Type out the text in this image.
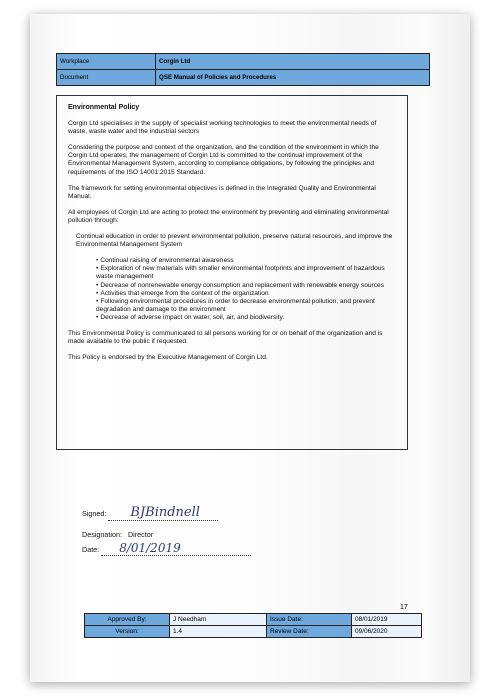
Workplace	Corgin Ltd
Document	QSE Manual of Policies and Procedures
Environmental Policy

Corgin Ltd specialises in the supply of specialist working technologies to meet the environmental needs of waste, waste water and the industrial sectors

Considering the purpose and context of the organization, and the condition of the environment in which the Corgin Ltd operates, the management of Corgin Ltd is committed to the continual improvement of the Environmental Management System, according to compliance obligations, by following the principles and requirements of the ISO 14001:2015 Standard.

The framework for setting environmental objectives is defined in the Integrated Quality and Environmental Manual.

All employees of Corgin Ltd are acting to protect the environment by preventing and eliminating environmental pollution through:

Continual education in order to prevent environmental pollution, preserve natural resources, and improve the Environmental Management System

• Continual raising of environmental awareness
• Exploration of new materials with smaller environmental footprints and improvement of hazardous waste management
• Decrease of nonrenewable energy consumption and replacement with renewable energy sources
• Activities that emerge from the context of the organization
• Following environmental procedures in order to decrease environmental pollution, and prevent degradation and damage to the environment
• Decrease of adverse impact on water, soil, air, and biodiversity.

This Environmental Policy is communicated to all persons working for or on behalf of the organization and is made available to the public if requested.

This Policy is endorsed by the Executive Management of Corgin Ltd.

Signed: BJBindnell
Designation: Director
Date: 8/01/2019
17
Approved By:	J Needham	Issue Date:	08/01/2019
Version:	1.4	Review Date:	09/06/2020
